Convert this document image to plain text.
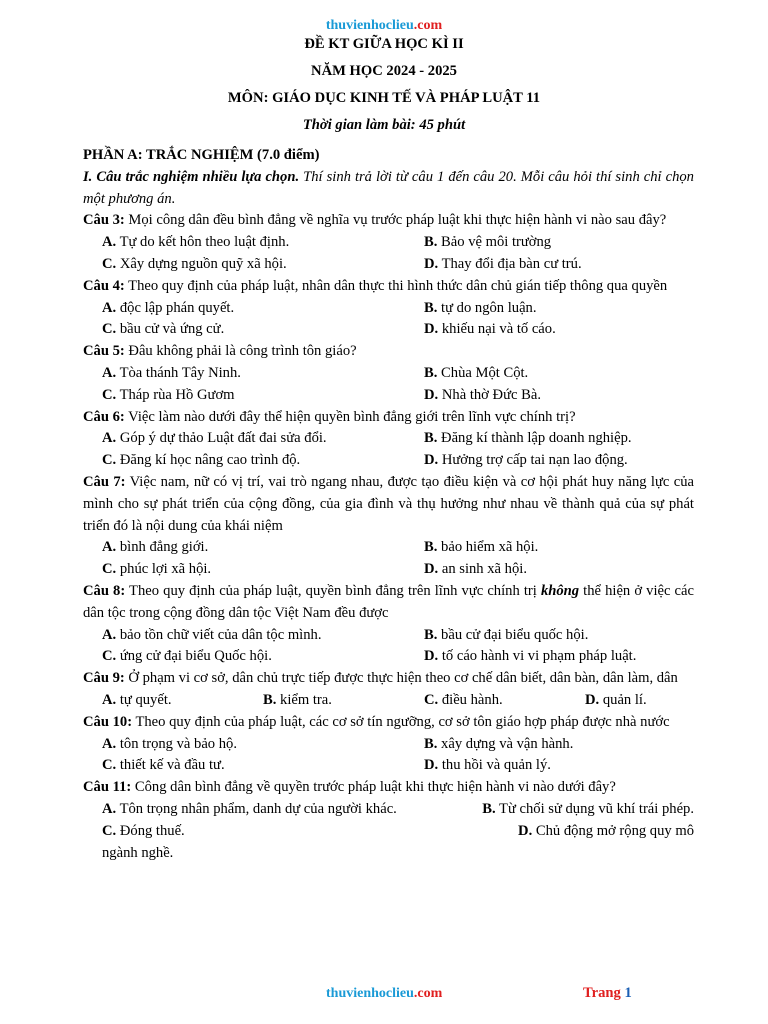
thuvienhoclieu.com
ĐỀ KT GIỮA HỌC KÌ II
NĂM HỌC 2024 - 2025
MÔN: GIÁO DỤC KINH TẾ VÀ PHÁP LUẬT 11
Thời gian làm bài: 45 phút
PHẦN A: TRẮC NGHIỆM (7.0 điểm)
I. Câu trắc nghiệm nhiều lựa chọn. Thí sinh trả lời từ câu 1 đến câu 20. Mỗi câu hỏi thí sinh chỉ chọn một phương án.
Câu 3: Mọi công dân đều bình đẳng về nghĩa vụ trước pháp luật khi thực hiện hành vi nào sau đây?
A. Tự do kết hôn theo luật định.	B. Bảo vệ môi trường
C. Xây dựng nguồn quỹ xã hội.	D. Thay đổi địa bàn cư trú.
Câu 4: Theo quy định của pháp luật, nhân dân thực thi hình thức dân chủ gián tiếp thông qua quyền
A. độc lập phán quyết.	B. tự do ngôn luận.
C. bầu cử và ứng cử.	D. khiếu nại và tố cáo.
Câu 5: Đâu không phải là công trình tôn giáo?
A. Tòa thánh Tây Ninh.	B. Chùa Một Cột.
C. Tháp rùa Hồ Gươm	D. Nhà thờ Đức Bà.
Câu 6: Việc làm nào dưới đây thể hiện quyền bình đẳng giới trên lĩnh vực chính trị?
A. Góp ý dự thảo Luật đất đai sửa đổi.	B. Đăng kí thành lập doanh nghiệp.
C. Đăng kí học nâng cao trình độ.	D. Hưởng trợ cấp tai nạn lao động.
Câu 7: Việc nam, nữ có vị trí, vai trò ngang nhau, được tạo điều kiện và cơ hội phát huy năng lực của mình cho sự phát triển của cộng đồng, của gia đình và thụ hưởng như nhau về thành quả của sự phát triển đó là nội dung của khái niệm
A. bình đẳng giới.	B. bảo hiểm xã hội.
C. phúc lợi xã hội.	D. an sinh xã hội.
Câu 8: Theo quy định của pháp luật, quyền bình đẳng trên lĩnh vực chính trị không thể hiện ở việc các dân tộc trong cộng đồng dân tộc Việt Nam đều được
A. bảo tồn chữ viết của dân tộc mình.	B. bầu cử đại biểu quốc hội.
C. ứng cử đại biểu Quốc hội.	D. tố cáo hành vi vi phạm pháp luật.
Câu 9: Ở phạm vi cơ sở, dân chủ trực tiếp được thực hiện theo cơ chế dân biết, dân bàn, dân làm, dân
A. tự quyết.	B. kiểm tra.	C. điều hành.	D. quản lí.
Câu 10: Theo quy định của pháp luật, các cơ sở tín ngưỡng, cơ sở tôn giáo hợp pháp được nhà nước
A. tôn trọng và bảo hộ.	B. xây dựng và vận hành.
C. thiết kế và đầu tư.	D. thu hồi và quản lý.
Câu 11: Công dân bình đẳng về quyền trước pháp luật khi thực hiện hành vi nào dưới đây?
A. Tôn trọng nhân phẩm, danh dự của người khác.	B. Từ chối sử dụng vũ khí trái phép.
C. Đóng thuế.	D. Chủ động mở rộng quy mô
ngành nghề.
thuvienhoclieu.com	Trang 1
